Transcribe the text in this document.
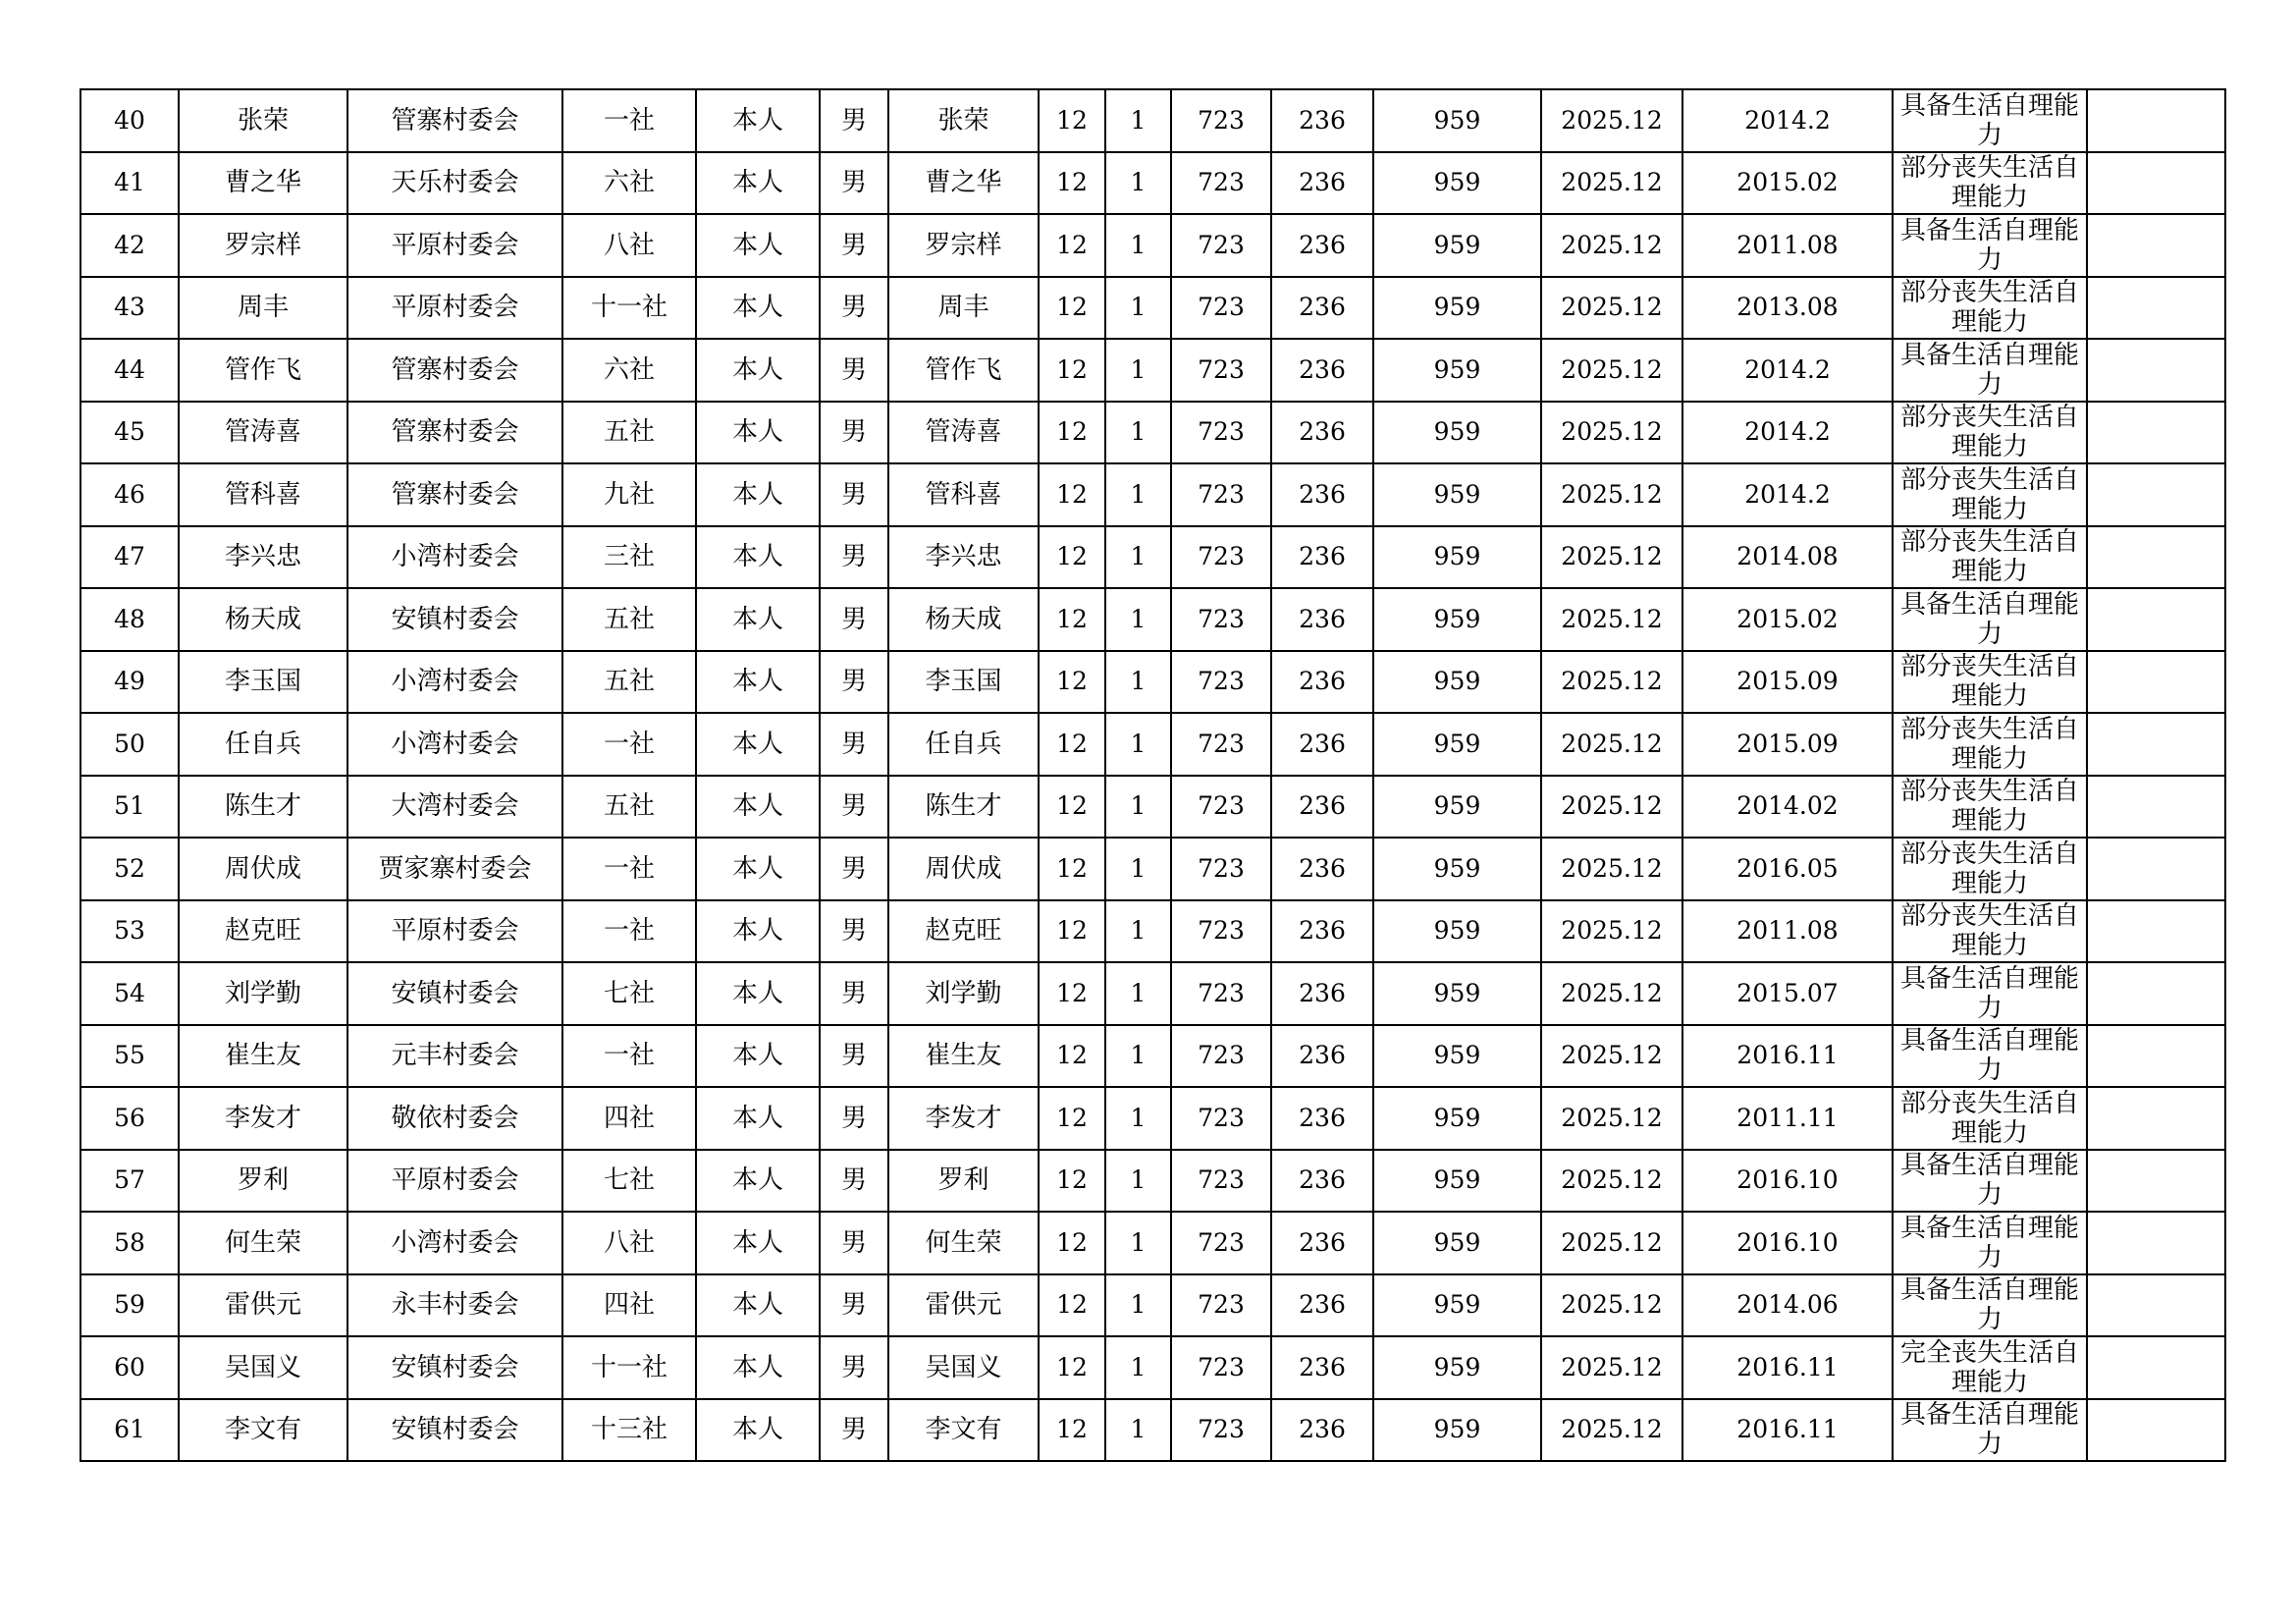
40	张荣	管寨村委会	一社	本人	男	张荣	12	1	723	236	959	2025.12	2014.2	具备生活自理能力	
41	曹之华	天乐村委会	六社	本人	男	曹之华	12	1	723	236	959	2025.12	2015.02	部分丧失生活自理能力	
42	罗宗样	平原村委会	八社	本人	男	罗宗样	12	1	723	236	959	2025.12	2011.08	具备生活自理能力	
43	周丰	平原村委会	十一社	本人	男	周丰	12	1	723	236	959	2025.12	2013.08	部分丧失生活自理能力	
44	管作飞	管寨村委会	六社	本人	男	管作飞	12	1	723	236	959	2025.12	2014.2	具备生活自理能力	
45	管涛喜	管寨村委会	五社	本人	男	管涛喜	12	1	723	236	959	2025.12	2014.2	部分丧失生活自理能力	
46	管科喜	管寨村委会	九社	本人	男	管科喜	12	1	723	236	959	2025.12	2014.2	部分丧失生活自理能力	
47	李兴忠	小湾村委会	三社	本人	男	李兴忠	12	1	723	236	959	2025.12	2014.08	部分丧失生活自理能力	
48	杨天成	安镇村委会	五社	本人	男	杨天成	12	1	723	236	959	2025.12	2015.02	具备生活自理能力	
49	李玉国	小湾村委会	五社	本人	男	李玉国	12	1	723	236	959	2025.12	2015.09	部分丧失生活自理能力	
50	任自兵	小湾村委会	一社	本人	男	任自兵	12	1	723	236	959	2025.12	2015.09	部分丧失生活自理能力	
51	陈生才	大湾村委会	五社	本人	男	陈生才	12	1	723	236	959	2025.12	2014.02	部分丧失生活自理能力	
52	周伏成	贾家寨村委会	一社	本人	男	周伏成	12	1	723	236	959	2025.12	2016.05	部分丧失生活自理能力	
53	赵克旺	平原村委会	一社	本人	男	赵克旺	12	1	723	236	959	2025.12	2011.08	部分丧失生活自理能力	
54	刘学勤	安镇村委会	七社	本人	男	刘学勤	12	1	723	236	959	2025.12	2015.07	具备生活自理能力	
55	崔生友	元丰村委会	一社	本人	男	崔生友	12	1	723	236	959	2025.12	2016.11	具备生活自理能力	
56	李发才	敬依村委会	四社	本人	男	李发才	12	1	723	236	959	2025.12	2011.11	部分丧失生活自理能力	
57	罗利	平原村委会	七社	本人	男	罗利	12	1	723	236	959	2025.12	2016.10	具备生活自理能力	
58	何生荣	小湾村委会	八社	本人	男	何生荣	12	1	723	236	959	2025.12	2016.10	具备生活自理能力	
59	雷供元	永丰村委会	四社	本人	男	雷供元	12	1	723	236	959	2025.12	2014.06	具备生活自理能力	
60	吴国义	安镇村委会	十一社	本人	男	吴国义	12	1	723	236	959	2025.12	2016.11	完全丧失生活自理能力	
61	李文有	安镇村委会	十三社	本人	男	李文有	12	1	723	236	959	2025.12	2016.11	具备生活自理能力	
